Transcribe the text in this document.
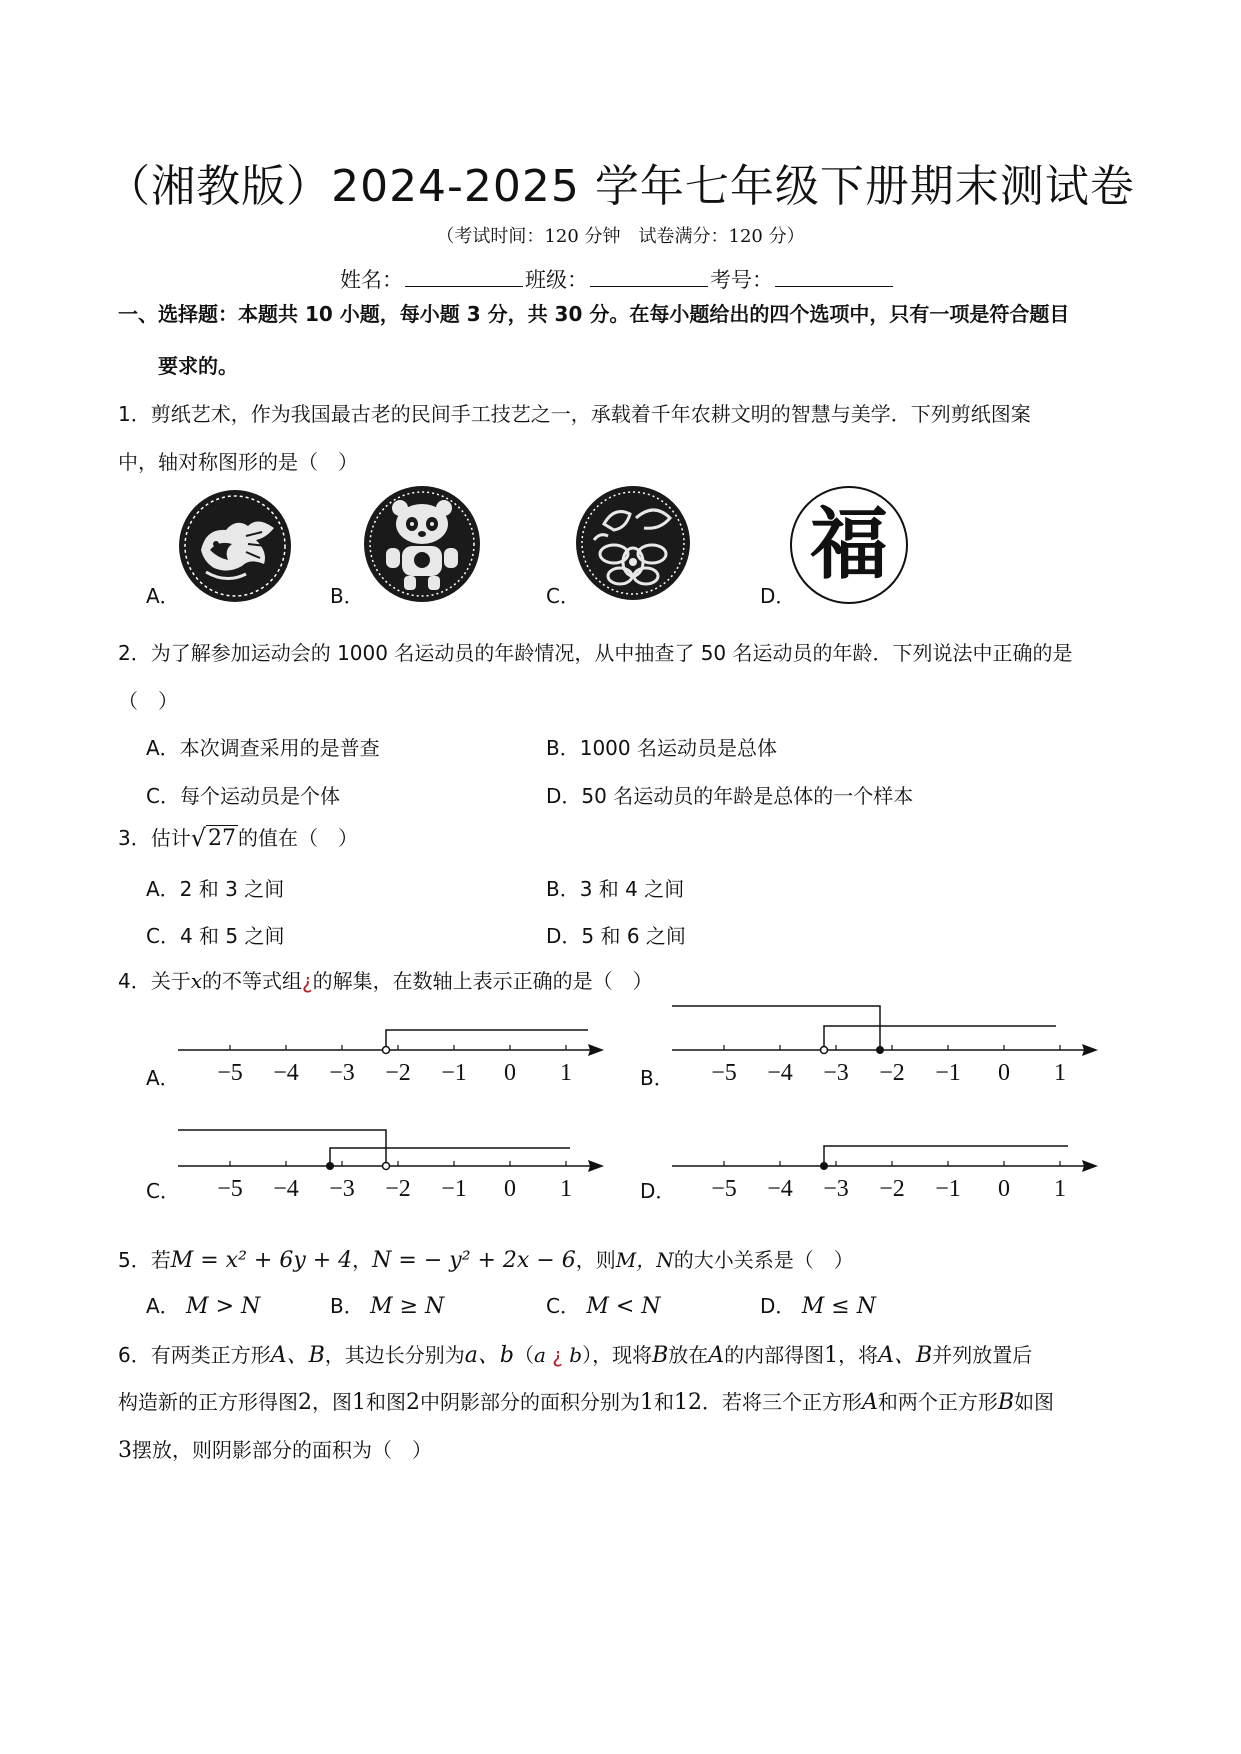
（湘教版）2024-2025 学年七年级下册期末测试卷
（考试时间：120 分钟　试卷满分：120 分）
姓名：	班级：	考号：
一、选择题：本题共 10 小题，每小题 3 分，共 30 分。在每小题给出的四个选项中，只有一项是符合题目
要求的。
1．剪纸艺术，作为我国最古老的民间手工技艺之一，承载着千年农耕文明的智慧与美学．下列剪纸图案
中，轴对称图形的是（　）
A．	B．	C．	D．
福
2．为了解参加运动会的 1000 名运动员的年龄情况，从中抽查了 50 名运动员的年龄．下列说法中正确的是
（　）
A．本次调查采用的是普查	B．1000 名运动员是总体
C．每个运动员是个体	D．50 名运动员的年龄是总体的一个样本
3．估计√27 的值在（　）
A．2 和 3 之间	B．3 和 4 之间
C．4 和 5 之间	D．5 和 6 之间
4．关于x的不等式组¿的解集，在数轴上表示正确的是（　）
A．	B．
C．	D．
−5 −4 −3 −2 −1 0 1	−5 −4 −3 −2 −1 0 1
−5 −4 −3 −2 −1 0 1	−5 −4 −3 −2 −1 0 1
5．若M = x² + 6y + 4，N = − y² + 2x − 6，则M，N的大小关系是（　）
A． M > N	B． M ≥ N	C． M < N	D． M ≤ N
6．有两类正方形A、B，其边长分别为a、b（a ¿ b），现将B放在A的内部得图1，将A、B并列放置后
构造新的正方形得图2，图1和图2中阴影部分的面积分别为1和12．若将三个正方形A和两个正方形B如图
3摆放，则阴影部分的面积为（　）
